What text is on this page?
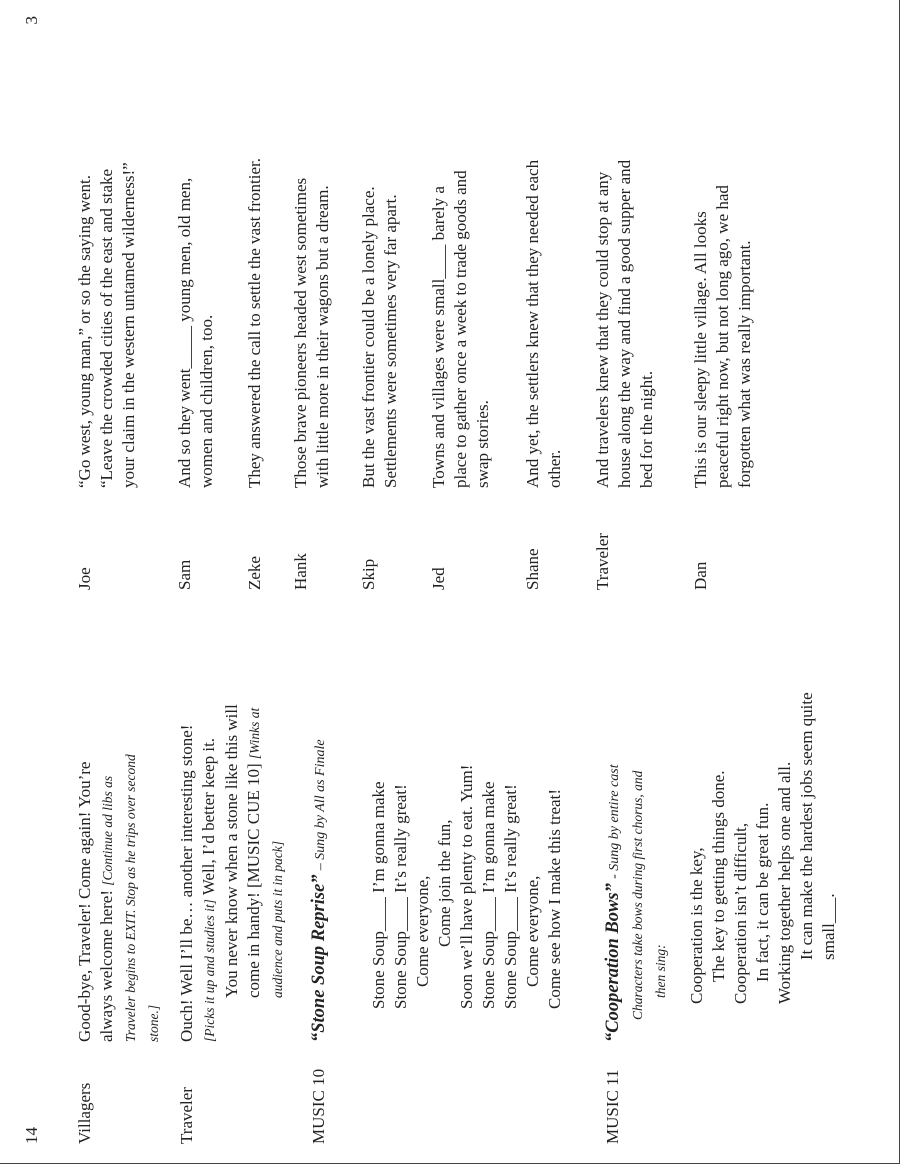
14 Villagers
Good-bye, Traveler! Come again! You’re always welcome here! [Continue ad libs as Traveler begins to EXIT. Stop as he trips over second stone.]
Traveler
Ouch! Well I’ll be… another interesting stone! [Picks it up and studies it] Well, I’d better keep it. You never know when a stone like this will come in handy! [MUSIC CUE 10] [Winks at
audience and puts it in pack]
MUSIC 10
“Stone Soup Reprise” – Sung by All as Finale Stone Soup____ I’m gonna make Stone Soup____ It’s really great! Come everyone, Come join the fun, Soon we’ll have plenty to eat. Yum! Stone Soup____ I’m gonna make Stone Soup____ It’s really great! Come everyone, Come see how I make this treat!
MUSIC 11
“Cooperation Bows” - Sung by entire cast Characters take bows during first chorus, and then sing: Cooperation is the key, The key to getting things done. Cooperation isn’t difficult, In fact, it can be great fun. Working together helps one and all. It can make the hardest jobs seem quite small___.
3
Joe
“Go west, young man,” or so the saying went. “Leave the crowded cities of the east and stake your claim in the western untamed wilderness!”
Sam
And so they went_____ young men, old men, women and children, too.
Zeke
They answered the call to settle the vast frontier.
Hank
Those brave pioneers headed west sometimes with little more in their wagons but a dream.
Skip
But the vast frontier could be a lonely place. Settlements were sometimes very far apart.
Jed
Towns and villages were small____ barely a place to gather once a week to trade goods and swap stories.
Shane
And yet, the settlers knew that they needed each other.
Traveler
And travelers knew that they could stop at any house along the way and find a good supper and bed for the night.
Dan
This is our sleepy little village. All looks peaceful right now, but not long ago, we had forgotten what was really important.
